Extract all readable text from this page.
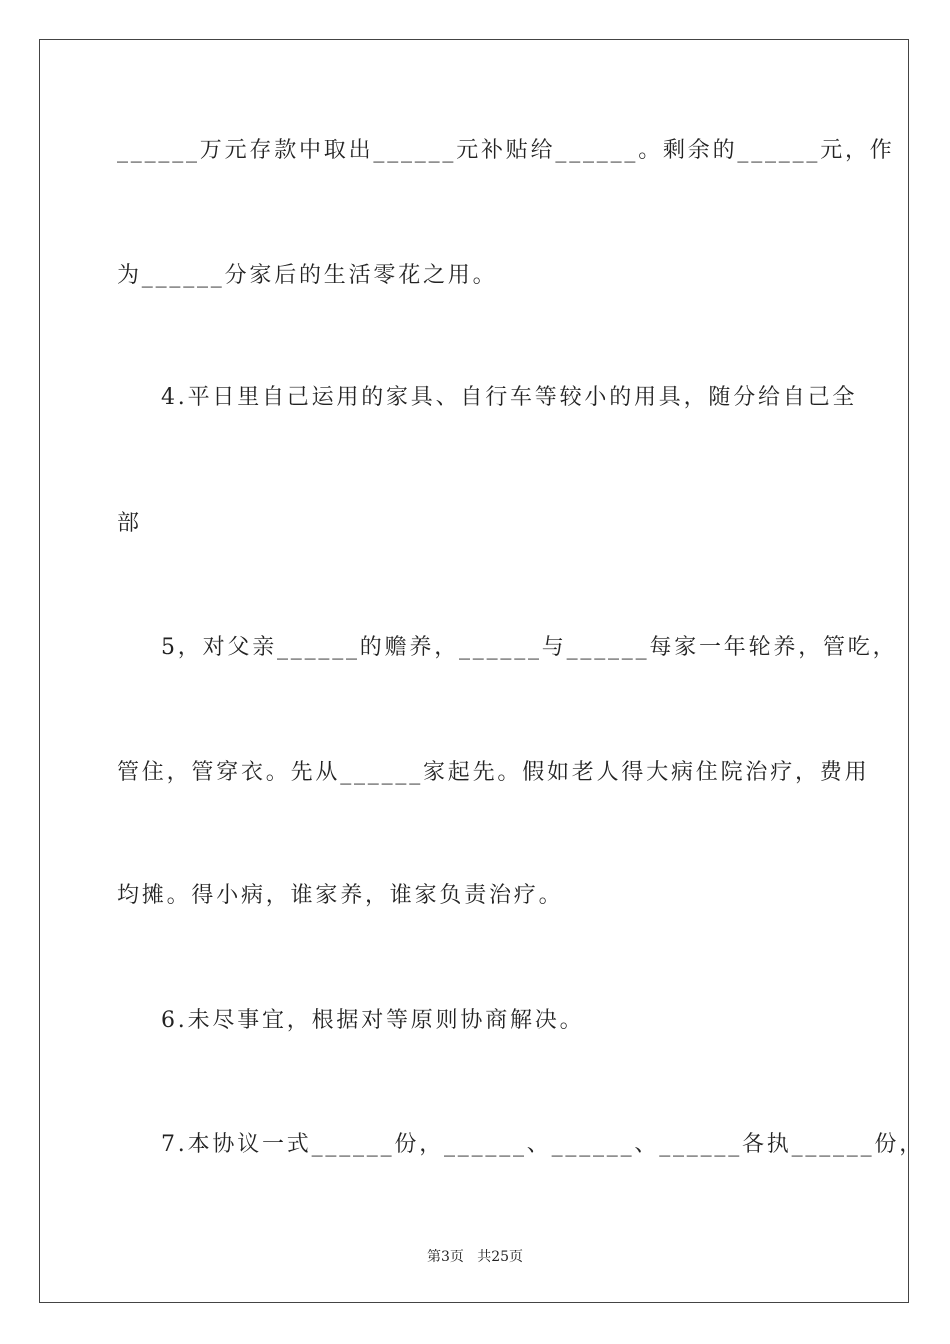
______万元存款中取出______元补贴给______。剩余的______元，作
为______分家后的生活零花之用。
4.平日里自己运用的家具、自行车等较小的用具，随分给自己全
部
5，对父亲______的赡养，______与______每家一年轮养，管吃，
管住，管穿衣。先从______家起先。假如老人得大病住院治疗，费用
均摊。得小病，谁家养，谁家负责治疗。
6.未尽事宜，根据对等原则协商解决。
7.本协议一式______份，______、______、______各执______份，
第3页   共25页
